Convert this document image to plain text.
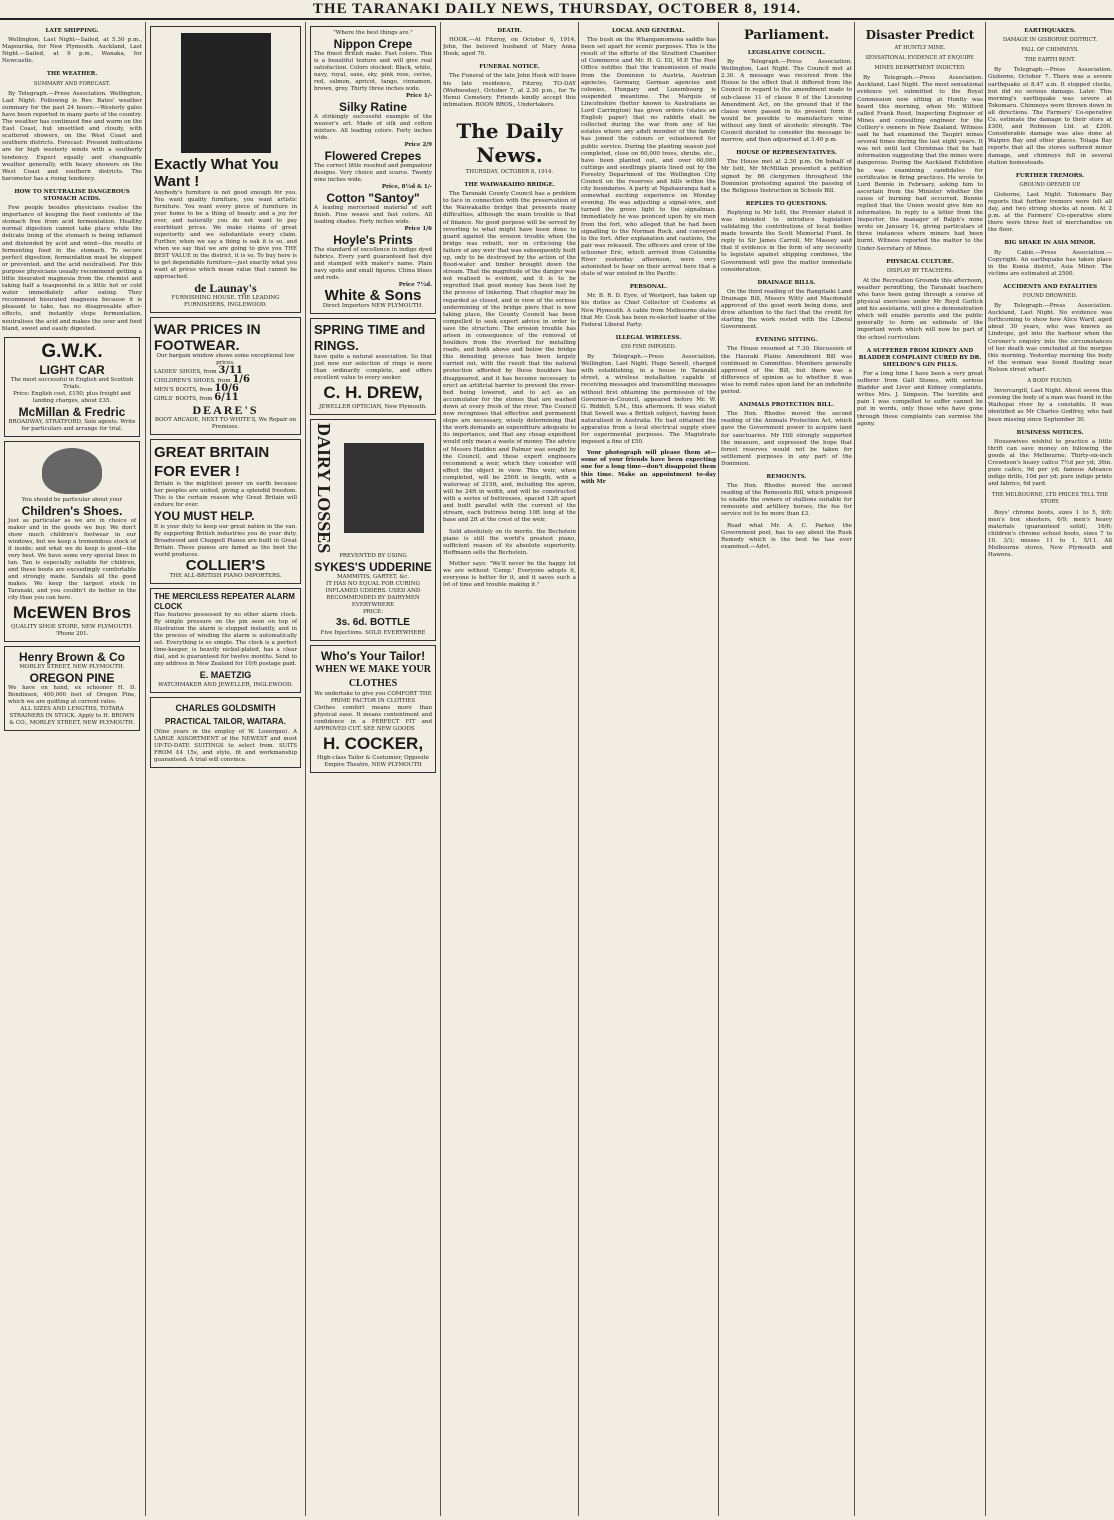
THE TARANAKI DAILY NEWS, THURSDAY, OCTOBER 8, 1914.
LATE SHIPPING.

Wellington, Last Night—Sailed, at 5.30 p.m., Mapourika, for New Plymouth. Auckland, Last Night.—Sailed, at 9 p.m., Wanaka, for Newcastle.

THE WEATHER.
SUMMARY AND FORECAST.

By Telegraph.—Press Association. Wellington, Last Night. Following is Rev. Bates' weather summary for the past 24 hours:—Westerly gales have been reported in many parts of the country. The weather has continued fine and warm on the East Coast, but unsettled and cloudy, with scattered showers, on the West Coast and southern districts. Forecast: Present indications are for high westerly winds with a southerly tendency. Expect squally and changeable weather generally, with heavy showers on the West Coast and southern districts. The barometer has a rising tendency.

HOW TO NEUTRALISE DANGEROUS STOMACH ACIDS.

Few people besides physicians realise the importance of keeping the food contents of the stomach free from acid fermentation. Healthy normal digestion cannot take place while the delicate lining of the stomach is being inflamed and distended by acid and wind—the results of fermenting food in the stomach. To secure perfect digestion, fermentation must be stopped or prevented, and the acid neutralised. For this purpose physicians usually recommend getting a little bisurated magnesia from the chemist and taking half a teaspoonful in a little hot or cold water immediately after eating. They recommend bisurated magnesia because it is pleasant to take, has no disagreeable after-effects, and instantly stops fermentation, neutralises the acid and makes the sour and food bland, sweet and easily digested.

G.W.K.
LIGHT CAR
The most successful in English and Scottish Trials.
Price: English cost, £150; plus freight and landing charges, about £35.
McMillan & Fredric
BROADWAY, STRATFORD, Sole agents. Write for particulars and arrange for trial.
You should be particular about your
Children's Shoes.
Just as particular as we are in choice of maker and in the goods we buy. We don't show much children's footwear in our windows, but we keep a tremendous stock of it inside; and what we do keep is good—the very best. We have some very special lines in tan. Tan is especially suitable for children, and these boots are exceedingly comfortable and strongly made. Sandals all the good makes. We keep the largest stock in Taranaki, and you couldn't do better in the city than you can here.
McEWEN Bros
QUALITY SHOE STORE, NEW PLYMOUTH. 'Phone 201.
Henry Brown & Co
MORLEY STREET, NEW PLYMOUTH.
OREGON PINE
We have on hand, ex schooner H. D. Bendixsen, 400,000 feet of Oregon Pine, which we are quitting at current rates.
ALL SIZES AND LENGTHS, TOTARA STRAINERS IN STOCK. Apply to H. BROWN & CO., MORLEY STREET, NEW PLYMOUTH.
Exactly What You Want !
Anybody's furniture is not good enough for you. You want quality furniture, you want artistic furniture. You want every piece of furniture in your home to be a thing of beauty and a joy for ever, and naturally you do not want to pay exorbitant prices. We make claims of great superiority and we substantiate every claim. Further, when we say a thing is oak it is so, and when we say that we are going to give you THE BEST VALUE in the district, it is so. To buy here is to get dependable furniture—just exactly what you want at prices which mean value that cannot be approached.
de Launay's
FURNISHING HOUSE. THE LEADING FURNISHERS, INGLEWOOD.
WAR PRICES IN FOOTWEAR.
Our bargain window shows some exceptional low prices.
LADIES' SHOES, from 3/11
CHILDREN'S SHOES, from 1/6
MEN'S BOOTS, from 10/6
GIRLS' BOOTS, from 6/11
DEARE'S
BOOT ARCADE, NEXT TO WHITE'S, We Repair on Premises.
GREAT BRITAIN FOR EVER !
Britain is the mightiest power on earth because her peoples are united, giving a splendid freedom. This is the certain reason why Great Britain will endure for ever.
YOU MUST HELP.
It is your duty to keep our great nation in the van. By supporting British industries you do your duty. Broadwood and Chappell Pianos are built in Great Britain. These pianos are famed as the best the world produces.
COLLIER'S
THE ALL-BRITISH PIANO IMPORTERS.
THE MERCILESS REPEATER ALARM CLOCK
Has features possessed by no other alarm clock. By simple pressure on the pin seen on top of illustration the alarm is stopped instantly, and in the process of winding the alarm is automatically set. Everything is so simple. The clock is a perfect time-keeper, is heavily nickel-plated, has a clear dial, and is guaranteed for twelve months. Send to any address in New Zealand for 10/6 postage paid.
E. MAETZIG
WATCHMAKER AND JEWELLER, INGLEWOOD.
CHARLES GOLDSMITH
PRACTICAL TAILOR, WAITARA.
(Nine years in the employ of W. Lonergan). A LARGE ASSORTMENT of the NEWEST and most UP-TO-DATE SUITINGS to select from. SUITS FROM £4 15s, and style, fit and workmanship guaranteed. A trial will convince.
"Where the best things are."
Nippon Crepe
The finest British make. Fast colors. This is a beautiful texture and will give real satisfaction. Colors stocked: Black, white, navy, royal, saxe, sky, pink rose, cerise, red, salmon, apricot, tango, cinnamon, brown, grey. Thirty three inches wide.
Price 1/-
Silky Ratine
A strikingly successful example of the weaver's art. Made of silk and cotton mixture. All leading colors. Forty inches wide.
Price 2/9
Flowered Crepes
The correct little rosebud and pompadour designs. Very choice and scarce. Twenty nine inches wide.
Price, 8½d & 1/-
Cotton "Santoy"
A leading mercerised material of soft finish. Fine weave and fast colors. All leading shades. Forty inches wide.
Price 1/6
Hoyle's Prints
The standard of excellence in indigo dyed fabrics. Every yard guaranteed fast dye and stamped with maker's name. Plain navy spots and small figures. China blues and reds.
Price 7½d.
White & Sons
Direct Importers NEW PLYMOUTH.
SPRING TIME and RINGS.
have quite a natural association. So that just now our selection of rings is more than ordinarily complete, and offers excellent value to every seeker.
C. H. DREW,
JEWELLER OPTICIAN, New Plymouth.
DAIRY LOSSES
PREVENTED BY USING
SYKES'S UDDERINE
MAMMITIS, GARTET, &c.
IT HAS NO EQUAL FOR CURING INFLAMED UDDERS. USED AND RECOMMENDED BY DAIRYMEN EVERYWHERE
PRICE:
3s. 6d. BOTTLE
Five Injections. SOLD EVERYWHERE
Who's Your Tailor!
WHEN WE MAKE YOUR CLOTHES
We undertake to give you COMFORT THE PRIME FACTOR IN CLOTHES
Clothes comfort means more than physical ease. It means contentment and confidence in a PERFECT FIT and APPROVED CUT. SEE NEW GOODS
H. COCKER,
High-class Tailor & Costumier, Opposite Empire Theatre, NEW PLYMOUTH
DEATH.

HOOK.—At Fitzroy, on October 6, 1914, John, the beloved husband of Mary Anna Hook; aged 76.

FUNERAL NOTICE.

The Funeral of the late John Hook will leave his late residence, Fitzroy, TO-DAY (Wednesday), October 7, at 2.30 p.m., for Te Henui Cemetery. Friends kindly accept this intimation. BOON BROS., Undertakers.

The Daily News.
THURSDAY, OCTOBER 8, 1914.
THE WAIWAKAIHO BRIDGE.

The Taranaki County Council has a problem to face in connection with the preservation of the Waiwakaiho bridge that presents many difficulties, although the main trouble is that of finance. No good purpose will be served by reverting to what might have been done to guard against the erosion trouble when the bridge was rebuilt, nor in criticising the failure of any weir that was subsequently built up, only to be destroyed by the action of the flood-water and timber brought down the stream. That the magnitude of the danger was not realised is evident, and it is to be regretted that good money has been lost by the process of tinkering. That chapter may be regarded as closed, and in view of the serious undermining of the bridge piers that is now taking place, the County Council has been compelled to seek expert advice in order to save the structure. The erosion trouble has arisen in consequence of the removal of boulders from the riverbed for metalling roads, and both above and below the bridge this denuding process has been largely carried out, with the result that the natural protection afforded by these boulders has disappeared, and it has become necessary to erect an artificial barrier to prevent the river-bed being lowered, and to act as an accumulator for the stones that are washed down at every fresh of the river. The Council now recognises that effective and permanent steps are necessary, wisely determining that the work demands an expenditure adequate to its importance, and that any cheap expedient would only mean a waste of money. The advice of Messrs Hadden and Palmer was sought by the Council, and these expert engineers recommend a weir, which they consider will effect the object in view. This weir, when completed, will be 250ft in length, with a waterway of 215ft, and, including the apron, will be 24ft in width, and will be constructed with a series of buttresses, spaced 12ft apart and built parallel with the current of the stream, each buttress being 10ft long at the base and 2ft at the crest of the weir.

Sold absolutely on its merits, the Bechstein piano is still the world's greatest piano, sufficient reason of its absolute superiority. Hoffmann sells the Bechstein.

Mother says: "We'll never be the happy lot we are without 'Cemp.' Everyone adopts it, everyone is better for it, and it saves such a lot of time and trouble making it."

LOCAL AND GENERAL.

The bush on the Whangamomona saddle has been set apart for scenic purposes. This is the result of the efforts of the Stratford Chamber of Commerce and Mr. H. G. Ell, M.P. The Post Office notifies that the transmission of mails from the Dominion to Austria, Austrian agencies, Germany, German agencies and colonies, Hungary and Luxembourg is suspended meantime. The Marquis of Lincolnshire (better known to Australians as Lord Carrington) has given orders (states an English paper) that no rabbits shall be collected during the war from any of his estates where any adult member of the family has joined the colours or volunteered for public service. During the planting season just completed, close on 60,000 trees, shrubs, etc., have been planted out, and over 60,000 cuttings and seedlings plants lined out by the Forestry Department of the Wellington City Council on the reserves and hills within the city boundaries. A party at Ngahauranga had a somewhat exciting experience on Monday evening. He was adjusting a signal-wire, and turned the green light to the signalman. Immediately he was pounced upon by six men from the fort, who alleged that he had been signalling to the Norman Rock, and conveyed to the fort. After explanation and cautions, the pair was released. The officers and crew of the schooner Eric, which arrived from Columbia River yesterday afternoon, were very astonished to hear on their arrival here that a state of war existed in the Pacific.

PERSONAL.

Mr. B. R. D. Eyre, of Westport, has taken up his duties as Chief Collector of Customs at New Plymouth. A cable from Melbourne states that Mr. Cook has been re-elected leader of the Federal Liberal Party.

ILLEGAL WIRELESS.
£50 FINE IMPOSED.

By Telegraph.—Press Association. Wellington, Last Night. Hugo Sewell, charged with establishing, in a house in Taranaki street, a wireless installation capable of receiving messages and transmitting messages without first obtaining the permission of the Governor-in-Council, appeared before Mr. W. G. Riddell, S.M., this afternoon. It was stated that Sewell was a British subject, having been naturalised in Australia. He had obtained the apparatus from a local electrical supply store for experimental purposes. The Magistrate imposed a fine of £50.

Your photograph will please them at—some of your friends have been expecting one for a long time—don't disappoint them this time. Make an appointment to-day with Mr

Parliament.
LEGISLATIVE COUNCIL.

By Telegraph.—Press Association. Wellington, Last Night. The Council met at 2.30. A message was received from the House to the effect that it differed from the Council in regard to the amendment made to sub-clause 11 of clause 9 of the Licensing Amendment Act, on the ground that if the clause were passed in its present form it would be possible to manufacture wine without any limit of alcoholic strength. The Council decided to consider the message to-morrow, and then adjourned at 3.40 p.m.

HOUSE OF REPRESENTATIVES.

The House met at 2.30 p.m. On behalf of Mr Isitt, Mr McMillan presented a petition signed by 86 clergymen throughout the Dominion protesting against the passing of the Religious Instruction in Schools Bill.

REPLIES TO QUESTIONS.

Replying to Mr Isitt, the Premier stated it was intended to introduce legislation validating the contributions of local bodies made towards the Scott Memorial Fund. In reply to Sir James Carroll, Mr Massey said that if evidence in the form of any necessity to legislate against shipping combines, the Government will give the matter immediate consideration.

DRAINAGE BILLS.

On the third reading of the Rangitaiki Land Drainage Bill, Messrs Witty and Macdonald approved of the good work being done, and drew attention to the fact that the credit for starting the work rested with the Liberal Government.

EVENING SITTING.

The House resumed at 7.30. Discussion of the Hauraki Plains Amendment Bill was continued in Committee. Members generally approved of the Bill, but there was a difference of opinion as to whether it was wise to remit rates upon land for an indefinite period.

ANIMALS PROTECTION BILL.

The Hon. Rhodes moved the second reading of the Animals Protection Act, which gave the Government power to acquire land for sanctuaries. Mr Hill strongly supported the measure, and expressed the hope that forest reserves would not be taken for settlement purposes in any part of the Dominion.

REMOUNTS.

The Hon. Rhodes moved the second reading of the Remounts Bill, which proposed to enable the owners of stallions suitable for remounts and artillery horses, the fee for service not to be more than £3.

Read what Mr. A. C. Parker, the Government poet, has to say about the Rusk Remedy which is the best he has ever examined.—Advt.

Disaster Predict
AT HUNTLY MINE.
SENSATIONAL EVIDENCE AT ENQUIRY.
MINES DEPARTMENT INDICTED.

By Telegraph.—Press Association. Auckland, Last Night. The most sensational evidence yet submitted to the Royal Commission now sitting at Huntly was heard this morning, when Mr. Wilford called Frank Reed, Inspecting Engineer of Mines and consulting engineer for the Colliery's owners in New Zealand. Witness said he had examined the Taupiri mines several times during the last eight years. It was not until last Christmas that he had information suggesting that the mines were dangerous. During the Auckland Exhibition he was examining candidates for certificates in firing practices. He wrote to Lord Bennie in February, asking him to ascertain from the Minister whether the cause of burning had occurred. Bennie replied that the Union would give him no information. In reply to a letter from the Inspector, the manager of Ralph's mine wrote on January 14, giving particulars of three instances where miners had been burnt. Witness reported the matter to the Under-Secretary of Mines.

PHYSICAL CULTURE.
DISPLAY BY TEACHERS.

At the Recreation Grounds this afternoon, weather permitting, the Taranaki teachers who have been going through a course of physical exercises under Mr Royd Garlick and his assistants, will give a demonstration which will enable parents and the public generally to form an estimate of the important work which will now be part of the school curriculum.

A SUFFERER FROM KIDNEY AND BLADDER COMPLAINT CURED BY DR. SHELDON'S GIN PILLS.

For a long time I have been a very great sufferer from Gall Stones, with serious Bladder and Liver and Kidney complaints, writes Mrs. J. Simpson. The terrible and pain I was compelled to suffer cannot be put in words, only those who have gone through these complaints can surmise the agony.

EARTHQUAKES.
DAMAGE IN GISBORNE DISTRICT.
FALL OF CHIMNEYS.
THE EARTH RENT.

By Telegraph.—Press Association. Gisborne, October 7. There was a severe earthquake at 8.47 a.m. It stopped clocks, but did no serious damage. Later. This morning's earthquake was severe at Tokomaru. Chimneys were thrown down in all directions. The Farmers' Co-operative Co. estimate the damage to their store at £300, and Robinson Ltd. at £200. Considerable damage was also done at Waipiro Bay and other places. Tolaga Bay reports that all the stores suffered minor damage, and chimneys fell in several station homesteads.

FURTHER TREMORS.
GROUND OPENED UP.

Gisborne, Last Night. Tokomaru Bay reports that further tremors were felt all day, and two strong shocks at noon. At 2 p.m. at the Farmers' Co-operative store there were three feet of merchandise on the floor.

BIG SHAKE IN ASIA MINOR.

By Cable.—Press Association.—Copyright. An earthquake has taken place in the Konia district, Asia Minor. The victims are estimated at 2500.

ACCIDENTS AND FATALITIES
FOUND DROWNED.

By Telegraph.—Press Association. Auckland, Last Night. No evidence was forthcoming to show how Alice Ward, aged about 30 years, who was known as Lindrope, got into the harbour when the Coroner's enquiry into the circumstances of her death was concluded at the morgue this morning. Yesterday morning the body of the woman was found floating near Nelson street wharf.

A BODY FOUND.

Invercargill, Last Night. About seven this evening the body of a man was found in the Waihopai river by a constable. It was identified as Mr Charles Godfrey, who had been missing since September 30.

BUSINESS NOTICES.

Housewives wishful to practice a little thrift can save money on following the goods at the Melbourne; Thirty-six-inch Crewdson's heavy calico 7½d per yd; 36in. pure calico, 9d per yd; famous Advance indigo drills, 10d per yd; pure indigo prints and fabrics, 6d yard.

THE MELBOURNE, LTD PRICES TELL THE STORY.

Boys' chrome boots, sizes 1 to 5, 9/6; men's box shooters, 6/9; men's heavy materials (guaranteed solid), 16/6; children's chrome school boots, sizes 7 to 10, 3/3; misses 11 to 1, 5/11. All Melbourne stores, New Plymouth and Hawera.
